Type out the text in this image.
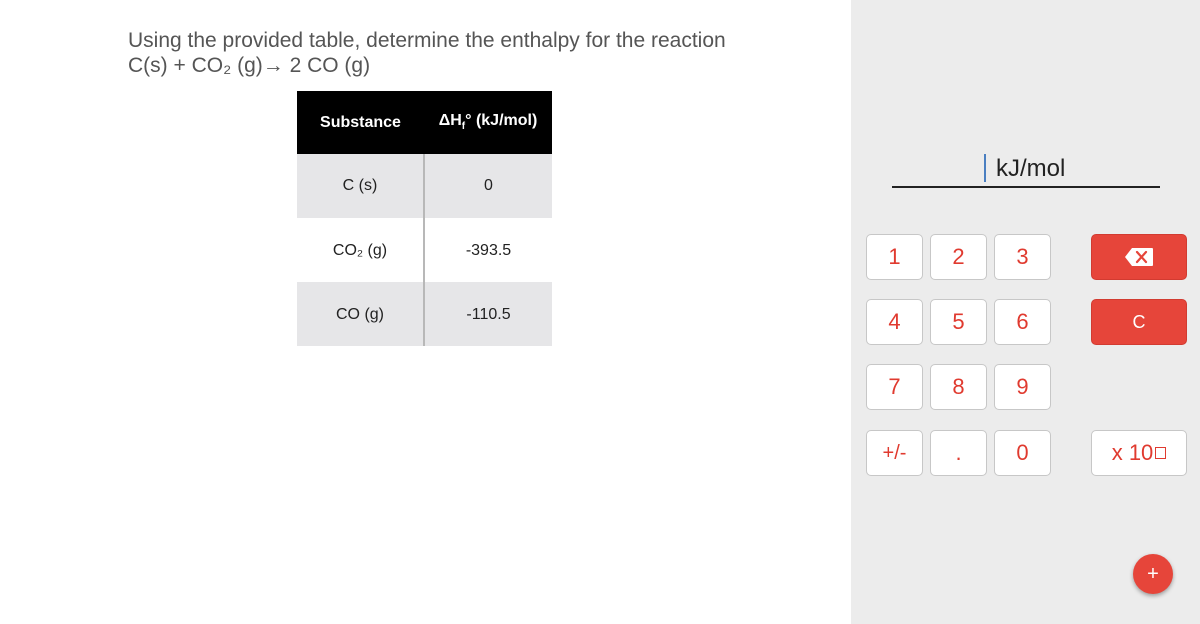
Using the provided table, determine the enthalpy for the reaction
C(s) + CO₂ (g)→ 2 CO (g)
Substance	$\Delta H_f^\circ$ (kJ/mol)
C (s)	0
CO₂ (g)	-393.5
CO (g)	-110.5
kJ/mol
1	2	3
4	5	6	C
7	8	9
+/-	.	0	x 10
+
